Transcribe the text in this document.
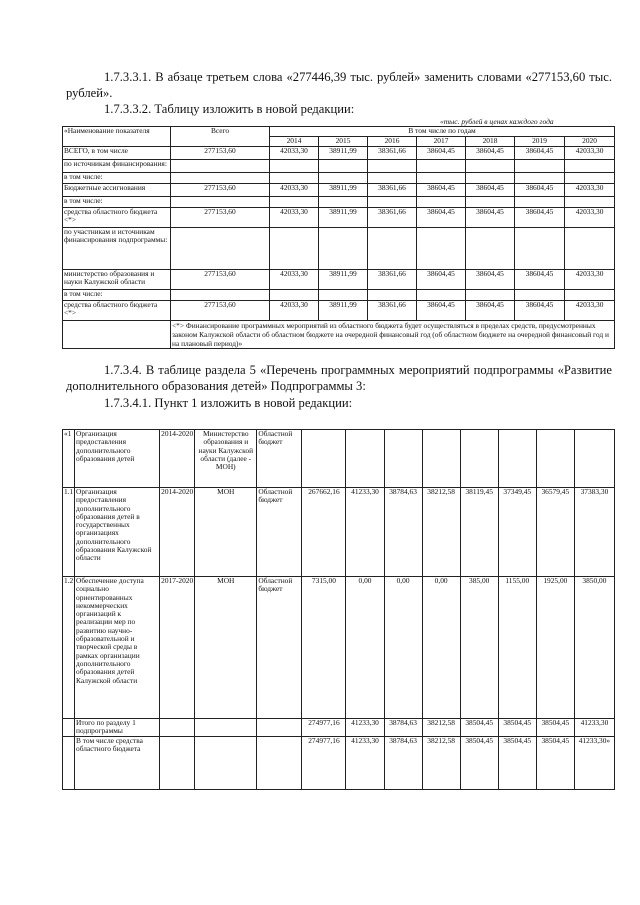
1.7.3.3.1. В абзаце третьем слова «277446,39 тыс. рублей» заменить словами «277153,60 тыс. рублей».
1.7.3.3.2. Таблицу изложить в новой редакции:
«тыс. рублей в ценах каждого года
«Наименование показателя	Всего	В том числе по годам						
		2014	2015	2016	2017	2018	2019	2020
ВСЕГО, в том числе	277153,60	42033,30	38911,99	38361,66	38604,45	38604,45	38604,45	42033,30
по источникам финансирования:								
в том числе:								
Бюджетные ассигнования	277153,60	42033,30	38911,99	38361,66	38604,45	38604,45	38604,45	42033,30
в том числе:								
средства областного бюджета <*>	277153,60	42033,30	38911,99	38361,66	38604,45	38604,45	38604,45	42033,30
по участникам и источникам финансирования подпрограммы:								
министерство образования и науки Калужской области	277153,60	42033,30	38911,99	38361,66	38604,45	38604,45	38604,45	42033,30
в том числе:								
средства областного бюджета <*>	277153,60	42033,30	38911,99	38361,66	38604,45	38604,45	38604,45	42033,30
	<*> Финансирование программных мероприятий из областного бюджета будет осуществляться в пределах средств, предусмотренных законом Калужской области об областном бюджете на очередной финансовый год (об областном бюджете на очередной финансовый год и на плановый период)»							
1.7.3.4. В таблице раздела 5 «Перечень программных мероприятий подпрограммы «Развитие дополнительного образования детей» Подпрограммы 3:
1.7.3.4.1. Пункт 1 изложить в новой редакции:
«1	Организация предоставления дополнительного образования детей	2014-2020	Министерство образования и науки Калужской области (далее - МОН)	Областной бюджет								
1.1	Организация предоставления дополнительного образования детей в государственных организациях дополнительного образования Калужской области	2014-2020	МОН	Областной бюджет	267662,16	41233,30	38784,63	38212,58	38119,45	37349,45	36579,45	37383,30
1.2	Обеспечение доступа социально ориентированных некоммерческих организаций к реализации мер по развитию научно-образовательной и творческой среды в рамках организации дополнительного образования детей Калужской области	2017-2020	МОН	Областной бюджет	7315,00	0,00	0,00	0,00	385,00	1155,00	1925,00	3850,00
	Итого по разделу 1 подпрограммы				274977,16	41233,30	38784,63	38212,58	38504,45	38504,45	38504,45	41233,30
	В том числе средства областного бюджета				274977,16	41233,30	38784,63	38212,58	38504,45	38504,45	38504,45	41233,30»
